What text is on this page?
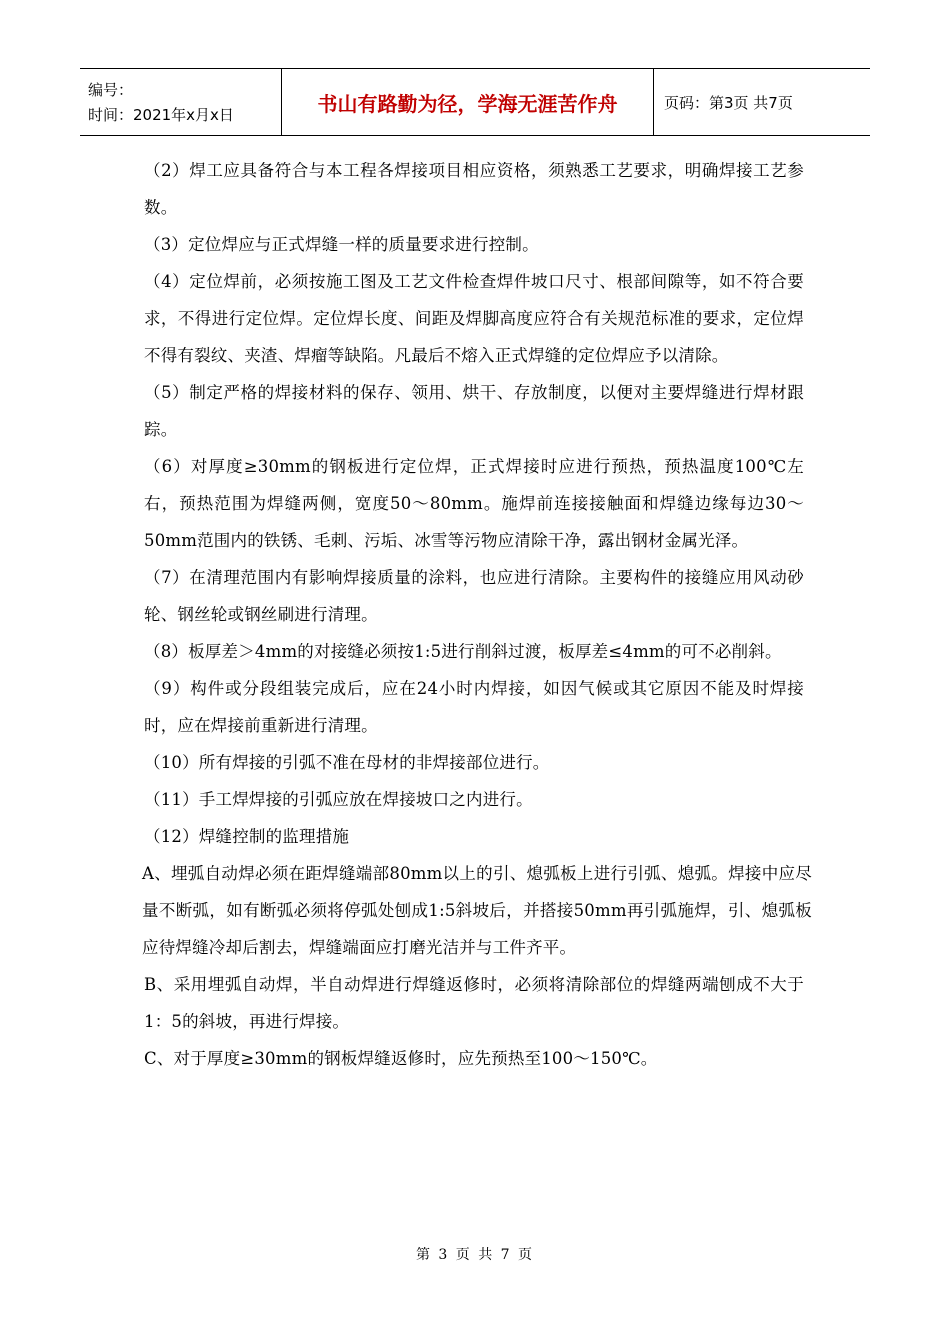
编号：
时间：2021年x月x日	书山有路勤为径，学海无涯苦作舟	页码：第3页 共7页

（2）焊工应具备符合与本工程各焊接项目相应资格，须熟悉工艺要求，明确焊接工艺参数。

（3）定位焊应与正式焊缝一样的质量要求进行控制。

（4）定位焊前，必须按施工图及工艺文件检查焊件坡口尺寸、根部间隙等，如不符合要求，不得进行定位焊。定位焊长度、间距及焊脚高度应符合有关规范标准的要求，定位焊不得有裂纹、夹渣、焊瘤等缺陷。凡最后不熔入正式焊缝的定位焊应予以清除。

（5）制定严格的焊接材料的保存、领用、烘干、存放制度，以便对主要焊缝进行焊材跟踪。

（6）对厚度≥30mm的钢板进行定位焊，正式焊接时应进行预热，预热温度100℃左右，预热范围为焊缝两侧，宽度50～80mm。施焊前连接接触面和焊缝边缘每边30～50mm范围内的铁锈、毛刺、污垢、冰雪等污物应清除干净，露出钢材金属光泽。

（7）在清理范围内有影响焊接质量的涂料，也应进行清除。主要构件的接缝应用风动砂轮、钢丝轮或钢丝刷进行清理。

（8）板厚差＞4mm的对接缝必须按1:5进行削斜过渡，板厚差≤4mm的可不必削斜。

（9）构件或分段组装完成后，应在24小时内焊接，如因气候或其它原因不能及时焊接时，应在焊接前重新进行清理。

（10）所有焊接的引弧不准在母材的非焊接部位进行。

（11）手工焊焊接的引弧应放在焊接坡口之内进行。

（12）焊缝控制的监理措施

A、埋弧自动焊必须在距焊缝端部80mm以上的引、熄弧板上进行引弧、熄弧。焊接中应尽量不断弧，如有断弧必须将停弧处刨成1:5斜坡后，并搭接50mm再引弧施焊，引、熄弧板应待焊缝冷却后割去，焊缝端面应打磨光洁并与工件齐平。

B、采用埋弧自动焊，半自动焊进行焊缝返修时，必须将清除部位的焊缝两端刨成不大于1：5的斜坡，再进行焊接。

C、对于厚度≥30mm的钢板焊缝返修时，应先预热至100～150℃。

第 3 页 共 7 页
